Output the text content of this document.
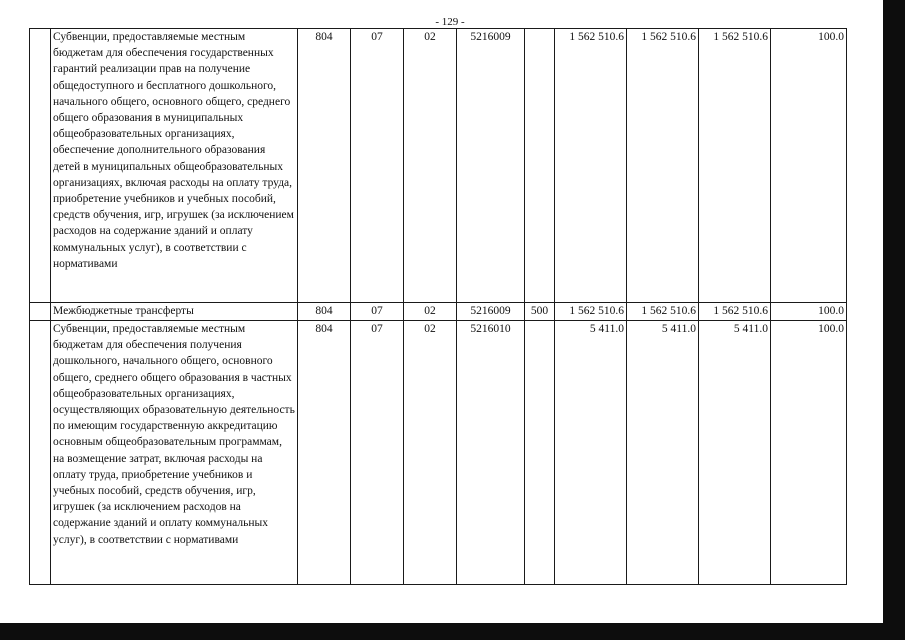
- 129 -
	Субвенции, предоставляемые местным бюджетам для обеспечения государственных гарантий реализации прав на получение общедоступного и бесплатного дошкольного, начального общего, основного общего, среднего общего образования в муниципальных общеобразовательных организациях, обеспечение дополнительного образования детей в муниципальных общеобразовательных организациях, включая расходы на оплату труда, приобретение учебников и учебных пособий, средств обучения, игр, игрушек (за исключением расходов на содержание зданий и оплату коммунальных услуг), в соответствии с нормативами	804	07	02	5216009		1 562 510.6	1 562 510.6	1 562 510.6	100.0
	Межбюджетные трансферты	804	07	02	5216009	500	1 562 510.6	1 562 510.6	1 562 510.6	100.0
	Субвенции, предоставляемые местным бюджетам для обеспечения получения дошкольного, начального общего, основного общего, среднего общего образования в частных общеобразовательных организациях, осуществляющих образовательную деятельность по имеющим государственную аккредитацию основным общеобразовательным программам, на возмещение затрат, включая расходы на оплату труда, приобретение учебников и учебных пособий, средств обучения, игр, игрушек (за исключением расходов на содержание зданий и оплату коммунальных услуг), в соответствии с нормативами	804	07	02	5216010		5 411.0	5 411.0	5 411.0	100.0
